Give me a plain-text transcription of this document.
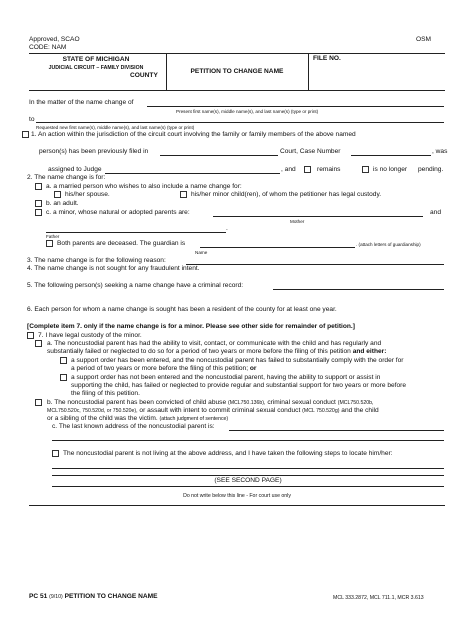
Approved, SCAO
CODE: NAM
OSM
STATE OF MICHIGAN
JUDICIAL CIRCUIT – FAMILY DIVISION
COUNTY
PETITION TO CHANGE NAME
FILE NO.
In the matter of the name change of
Present first name(s), middle name(s), and last name(s) (type or print)
to
Requested new first name(s), middle name(s), and last name(s) (type or print)
1. An action within the jurisdiction of the circuit court involving the family or family members of the above named
person(s) has been previously filed in	Court, Case Number	, was
assigned to Judge	, and	remains	is no longer pending.
2. The name change is for:
a. a married person who wishes to also include a name change for:
his/her spouse.	his/her minor child(ren), of whom the petitioner has legal custody.
b. an adult.
c. a minor, whose natural or adopted parents are:	and
Mother
.
Father
Both parents are deceased. The guardian is	. (attach letters of guardianship)
Name
3. The name change is for the following reason:
4. The name change is not sought for any fraudulent intent.
5. The following person(s) seeking a name change have a criminal record:
6. Each person for whom a name change is sought has been a resident of the county for at least one year.
[Complete item 7. only if the name change is for a minor. Please see other side for remainder of petition.]
7. I have legal custody of the minor.
a. The noncustodial parent has had the ability to visit, contact, or communicate with the child and has regularly and
substantially failed or neglected to do so for a period of two years or more before the filing of this petition and either:
a support order has been entered, and the noncustodial parent has failed to substantially comply with the order for
a period of two years or more before the filing of this petition; or
a support order has not been entered and the noncustodial parent, having the ability to support or assist in
supporting the child, has failed or neglected to provide regular and substantial support for two years or more before
the filing of this petition.
b. The noncustodial parent has been convicted of child abuse (MCL750.136b), criminal sexual conduct (MCL750.520b,
MCL750.520c, 750.520d, or 750.520e), or assault with intent to commit criminal sexual conduct (MCL 750.520g) and the child
or a sibling of the child was the victim. (attach judgment of sentence)
c. The last known address of the noncustodial parent is:
The noncustodial parent is not living at the above address, and I have taken the following steps to locate him/her:
(SEE SECOND PAGE)
Do not write below this line - For court use only
PC 51 (9/10) PETITION TO CHANGE NAME	MCL 333.2872, MCL 711.1, MCR 3.613
